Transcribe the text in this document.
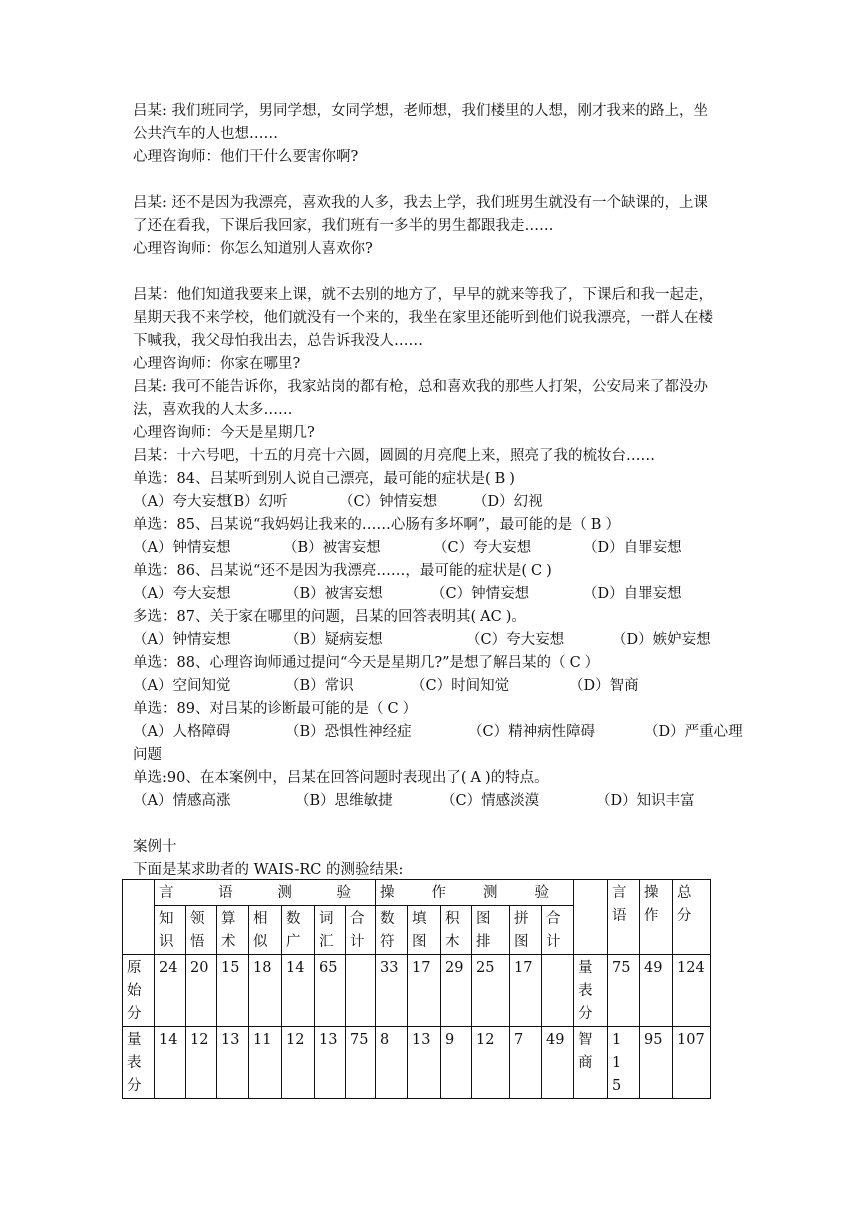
吕某: 我们班同学，男同学想，女同学想，老师想，我们楼里的人想，刚才我来的路上，坐
公共汽车的人也想……
心理咨询师：他们干什么要害你啊?
吕某: 还不是因为我漂亮，喜欢我的人多，我去上学，我们班男生就没有一个缺课的，上课
了还在看我，下课后我回家，我们班有一多半的男生都跟我走……
心理咨询师：你怎么知道别人喜欢你?
吕某：他们知道我要来上课，就不去别的地方了，早早的就来等我了，下课后和我一起走，
星期天我不来学校，他们就没有一个来的，我坐在家里还能听到他们说我漂亮，一群人在楼
下喊我，我父母怕我出去，总告诉我没人……
心理咨询师：你家在哪里?
吕某: 我可不能告诉你，我家站岗的都有枪，总和喜欢我的那些人打架，公安局来了都没办
法，喜欢我的人太多……
心理咨询师：今天是星期几?
吕某：十六号吧，十五的月亮十六圆，圆圆的月亮爬上来，照亮了我的梳妆台……
单选：84、吕某听到别人说自己漂亮，最可能的症状是( B )
（A）夸大妄想
（B）幻听	（C）钟情妄想	（D）幻视
单选：85、吕某说“我妈妈让我来的……心肠有多坏啊”，最可能的是（ B ）
（A）钟情妄想	（B）被害妄想	（C）夸大妄想	（D）自罪妄想
单选：86、吕某说“还不是因为我漂亮……，最可能的症状是( C )
（A）夸大妄想	（B）被害妄想	（C）钟情妄想	（D）自罪妄想
多选：87、关于家在哪里的问题，吕某的回答表明其( AC )。
（A）钟情妄想	（B）疑病妄想	（C）夸大妄想	（D）嫉妒妄想
单选：88、心理咨询师通过提问“今天是星期几?”是想了解吕某的（ C ）
（A）空间知觉	（B）常识	（C）时间知觉	（D）智商
单选：89、对吕某的诊断最可能的是（ C ）
（A）人格障碍	（B）恐惧性神经症	（C）精神病性障碍	（D）严重心理
问题
单选:90、在本案例中，吕某在回答问题时表现出了( A )的特点。
（A）情感高涨	（B）思维敏捷	（C）情感淡漠	（D）知识丰富
案例十
下面是某求助者的 WAIS-RC 的测验结果:

	言 语 测 验							操 作 测 验							言语	操作	总分

	知识	领悟	算术	相似	数广	词汇	合计	数符	填图	积木	图排	拼图	合计				

原始分	24	20	15	18	14	65		33	17	29	25	17		量表分	75	49	124

量表分	14	12	13	11	12	13	75	8	13	9	12	7	49	智商	115	95	107
